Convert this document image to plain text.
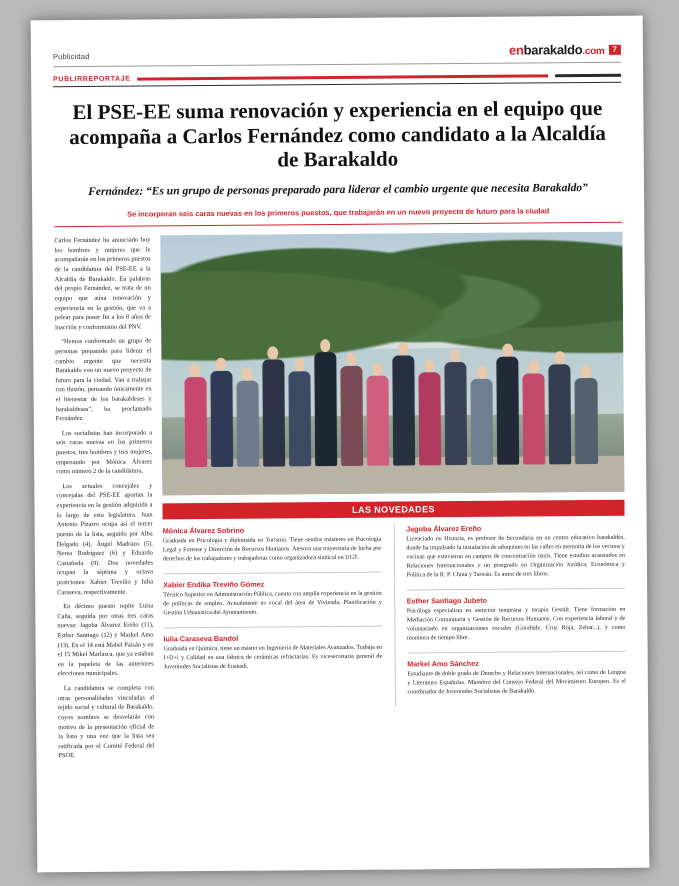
Publicidad	enbarakaldo.com 7
PUBLIRREPORTAJE
El PSE-EE suma renovación y experiencia en el equipo que acompaña a Carlos Fernández como candidato a la Alcaldía de Barakaldo
Fernández: “Es un grupo de personas preparado para liderar el cambio urgente que necesita Barakaldo”
Se incorporan seis caras nuevas en los primeros puestos, que trabajarán en un nuevo proyecto de futuro para la ciudad

Carlos Fernández ha anunciado hoy los hombres y mujeres que le acompañarán en los primeros puestos de la candidatura del PSE-EE a la Alcaldía de Barakaldo. En palabras del propio Fernández, se trata de un equipo que aúna renovación y experiencia en la gestión, que va a pelear para poner fin a los 8 años de inacción y conformismo del PNV.

“Hemos conformado un grupo de personas preparado para liderar el cambio urgente que necesita Barakaldo con un nuevo proyecto de futuro para la ciudad. Van a trabajar con ilusión, pensando únicamente en el bienestar de los barakaldeses y barakaldesas”, ha proclamado Fernández.

Los socialistas han incorporado a seis caras nuevas en los primeros puestos, tres hombres y tres mujeres, empezando por Mónica Álvarez como número 2 de la candidatura.

Los actuales concejales y concejalas del PSE-EE aportan la experiencia en la gestión adquirida a lo largo de esta legislatura. Juan Antonio Pizarro ocupa así el tercer puesto de la lista, seguido por Alba Delgado (4), Ángel Madrazo (5), Nerea Rodríguez (6) y Eduardo Castañeda (9). Dos novedades ocupan la séptima y octava posiciones: Xabier Treviño y Iulia Caraseva, respectivamente.

En décimo puesto repite Luisa Caña, seguida por otras tres caras nuevas: Jagoba Álvarez Ereño (11), Esther Santiago (12) y Markel Amo (13). En el 14 está Mabel Paisán y en el 15 Mikel Marlasca, que ya estaban en la papeleta de las anteriores elecciones municipales.

La candidatura se completa con otras personalidades vinculadas al tejido social y cultural de Barakaldo, cuyos nombres se desvelarán con motivo de la presentación oficial de la lista y una vez que la lista sea ratificada por el Comité Federal del PSOE.

LAS NOVEDADES
Mónica Álvarez Sobrino

Graduada en Psicología y diplomada en Turismo. Tiene sendos másteres en Psicología Legal y Forense y Dirección de Recursos Humanos. Atesora una trayectoria de lucha por derechos de los trabajadores y trabajadoras como organizadora sindical en UGT.

Xabier Endika Treviño Gómez

Técnico Superior en Administración Pública, cuenta con amplia experiencia en la gestión de políticas de empleo. Actualmente es vocal del área de Vivienda, Planificación y Gestión Urbanística del Ayuntamiento.

Iulia Caraseva Bandol

Graduada en Química, tiene un máster en Ingeniería de Materiales Avanzados. Trabaja en I+D+i y Calidad en una fábrica de cerámicas refractarias. Es vicesecretaria general de Juventudes Socialistas de Euskadi.

Jagoba Álvarez Ereño

Licenciado en Historia, es profesor de Secundaria en un centro educativo barakaldés, donde ha impulsado la instalación de adoquines en las calles en memoria de los vecinos y vecinas que estuvieron en campos de concentración nazis. Tiene estudios avanzados en Relaciones Internacionales y un postgrado en Organización Jurídica, Económica y Política de la R. P. China y Taiwán. Es autor de tres libros.

Esther Santiago Jubeto

Psicóloga especialista en atención temprana y terapia Gestalt. Tiene formación en Mediación Comunitaria y Gestión de Recursos Humanos. Con experiencia laboral y de voluntariado en organizaciones sociales (Gorabide, Cruz Roja, Zehar...), y como monitora de tiempo libre.

Markel Amo Sánchez

Estudiante de doble grado de Derecho y Relaciones Internacionales, así como de Lengua y Literatura Españolas. Miembro del Consejo Federal del Movimiento Europeo. Es el coordinador de Juventudes Socialistas de Barakaldo.
